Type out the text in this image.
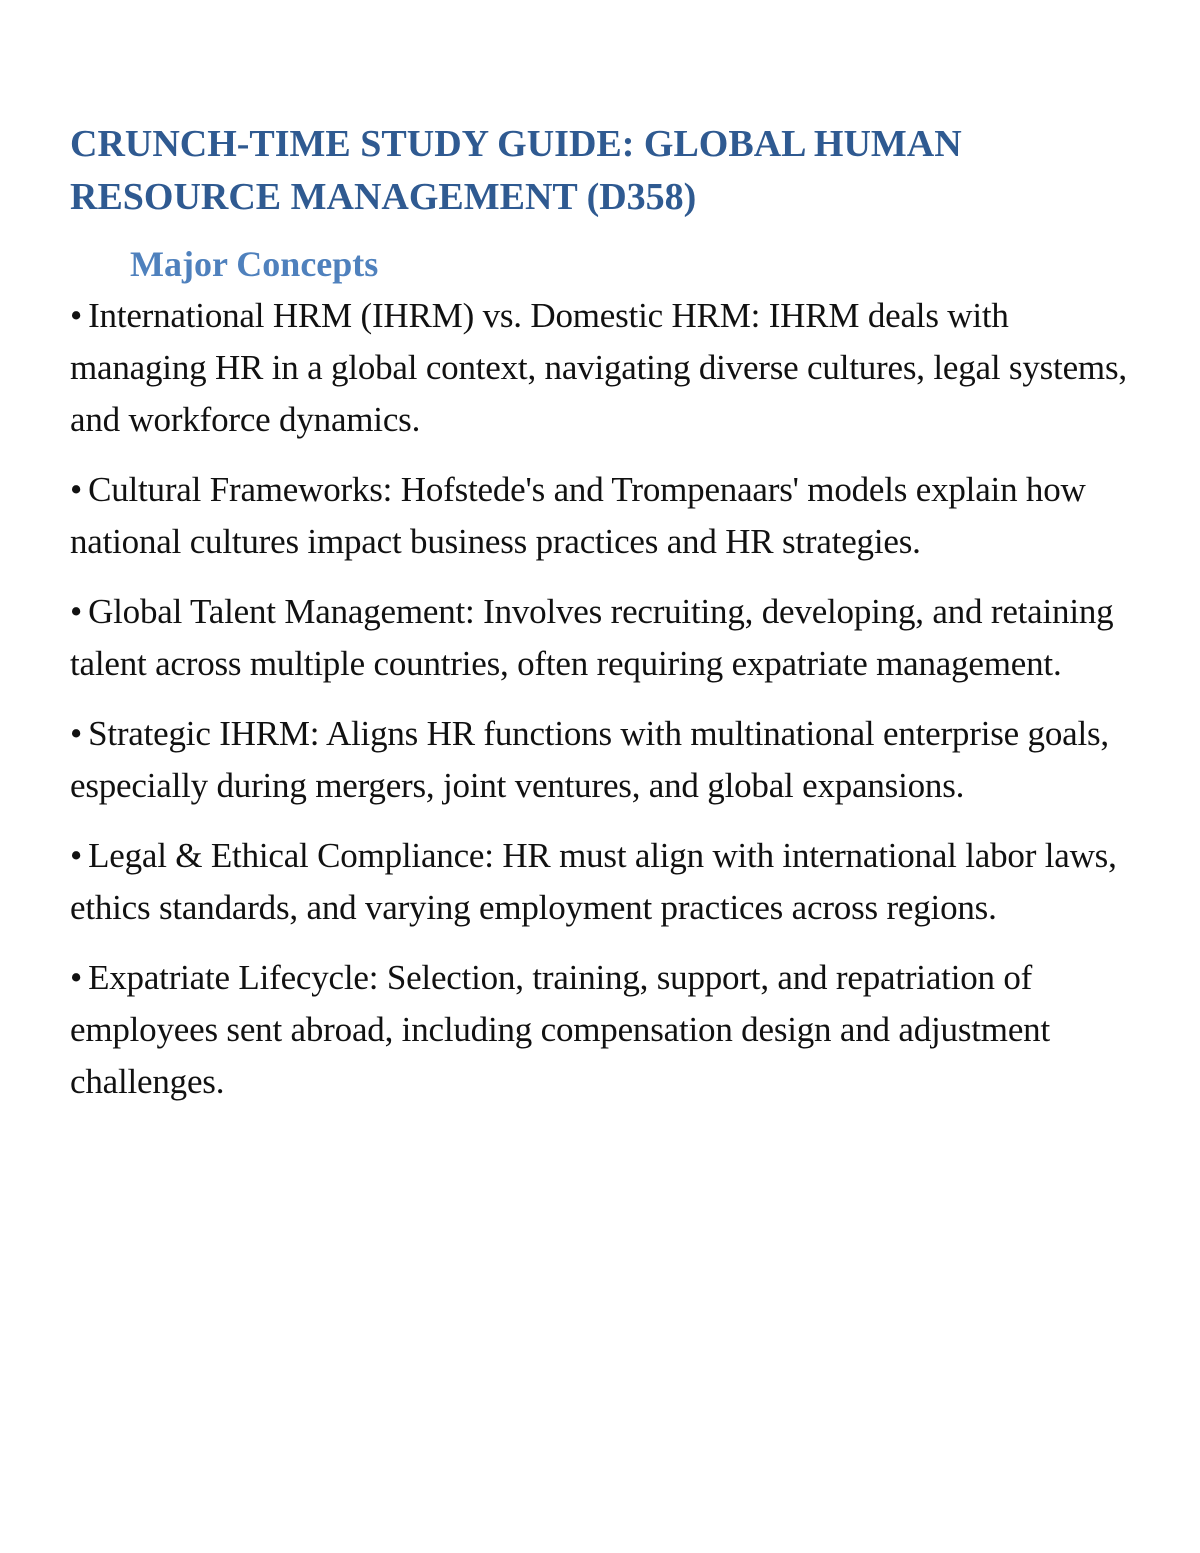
CRUNCH-TIME STUDY GUIDE: GLOBAL HUMAN RESOURCE MANAGEMENT (D358)
Major Concepts
• International HRM (IHRM) vs. Domestic HRM: IHRM deals with managing HR in a global context, navigating diverse cultures, legal systems, and workforce dynamics.
• Cultural Frameworks: Hofstede's and Trompenaars' models explain how national cultures impact business practices and HR strategies.
• Global Talent Management: Involves recruiting, developing, and retaining talent across multiple countries, often requiring expatriate management.
• Strategic IHRM: Aligns HR functions with multinational enterprise goals, especially during mergers, joint ventures, and global expansions.
• Legal & Ethical Compliance: HR must align with international labor laws, ethics standards, and varying employment practices across regions.
• Expatriate Lifecycle: Selection, training, support, and repatriation of employees sent abroad, including compensation design and adjustment challenges.
